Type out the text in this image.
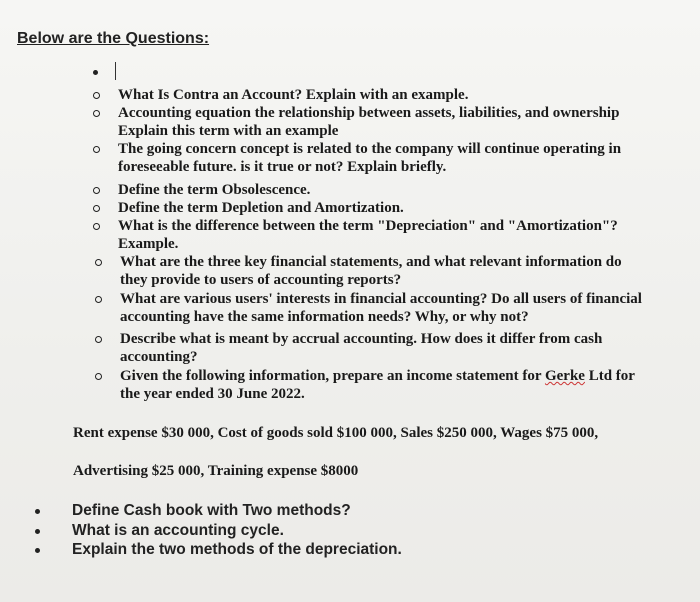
Below are the Questions:
What Is Contra an Account? Explain with an example.
Accounting equation the relationship between assets, liabilities, and ownership
Explain this term with an example
The going concern concept is related to the company will continue operating in
foreseeable future. is it true or not? Explain briefly.
Define the term Obsolescence.
Define the term Depletion and Amortization.
What is the difference between the term "Depreciation" and "Amortization"?
Example.
What are the three key financial statements, and what relevant information do
they provide to users of accounting reports?
What are various users' interests in financial accounting? Do all users of financial
accounting have the same information needs? Why, or why not?
Describe what is meant by accrual accounting. How does it differ from cash
accounting?
Given the following information, prepare an income statement for Gerke Ltd for
the year ended 30 June 2022.
Rent expense $30 000, Cost of goods sold $100 000, Sales $250 000, Wages $75 000,
Advertising $25 000, Training expense $8000
Define Cash book with Two methods?
What is an accounting cycle.
Explain the two methods of the depreciation.
